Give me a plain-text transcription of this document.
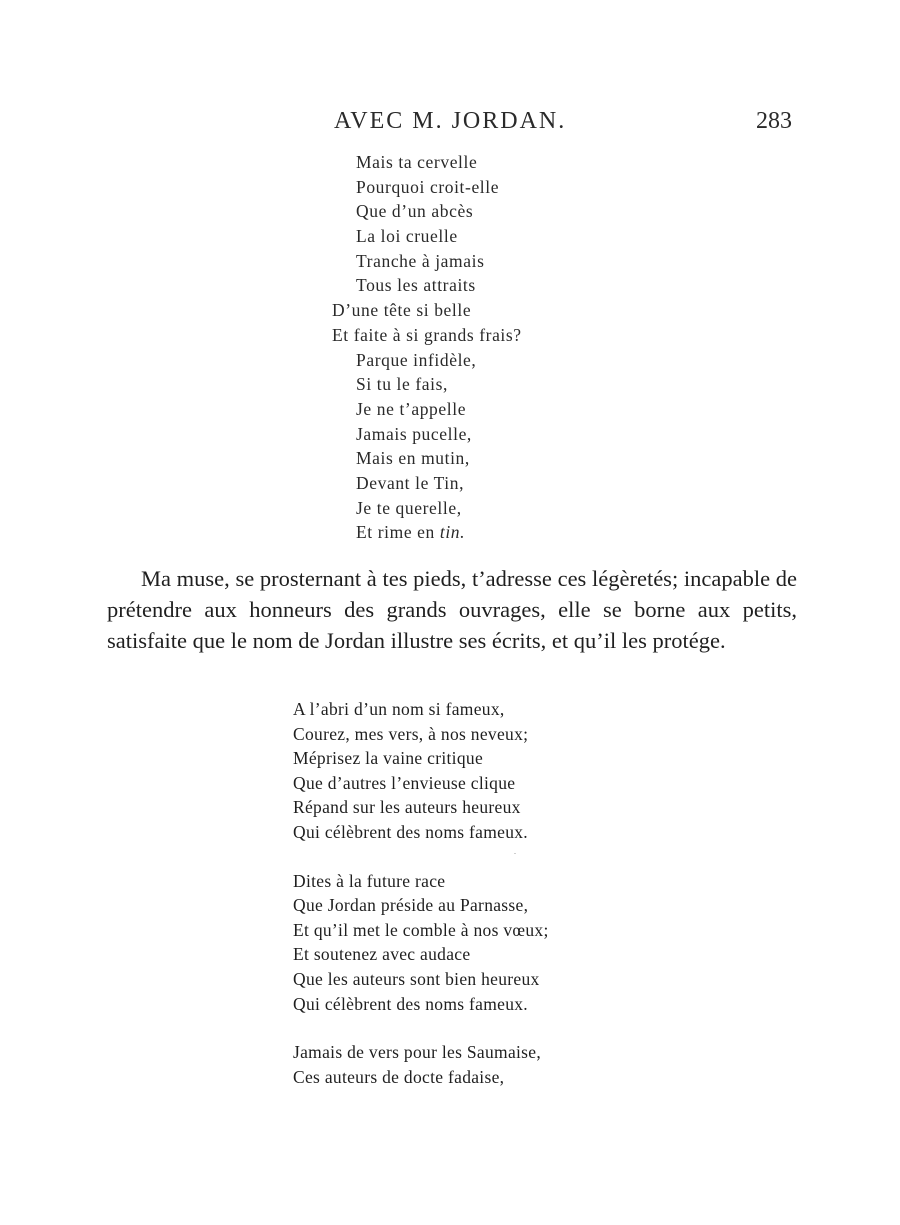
AVEC M. JORDAN.	283
Mais ta cervelle
Pourquoi croit-elle
Que d’un abcès
La loi cruelle
Tranche à jamais
Tous les attraits
D’une tête si belle
Et faite à si grands frais?
Parque infidèle,
Si tu le fais,
Je ne t’appelle
Jamais pucelle,
Mais en mutin,
Devant le Tin,
Je te querelle,
Et rime en tin.

Ma muse, se prosternant à tes pieds, t’adresse ces légèretés; incapable de prétendre aux honneurs des grands ouvrages, elle se borne aux petits, satisfaite que le nom de Jordan illustre ses écrits, et qu’il les protége.

A l’abri d’un nom si fameux,
Courez, mes vers, à nos neveux;
Méprisez la vaine critique
Que d’autres l’envieuse clique
Répand sur les auteurs heureux
Qui célèbrent des noms fameux.
Dites à la future race
Que Jordan préside au Parnasse,
Et qu’il met le comble à nos vœux;
Et soutenez avec audace
Que les auteurs sont bien heureux
Qui célèbrent des noms fameux.
Jamais de vers pour les Saumaise,
Ces auteurs de docte fadaise,
